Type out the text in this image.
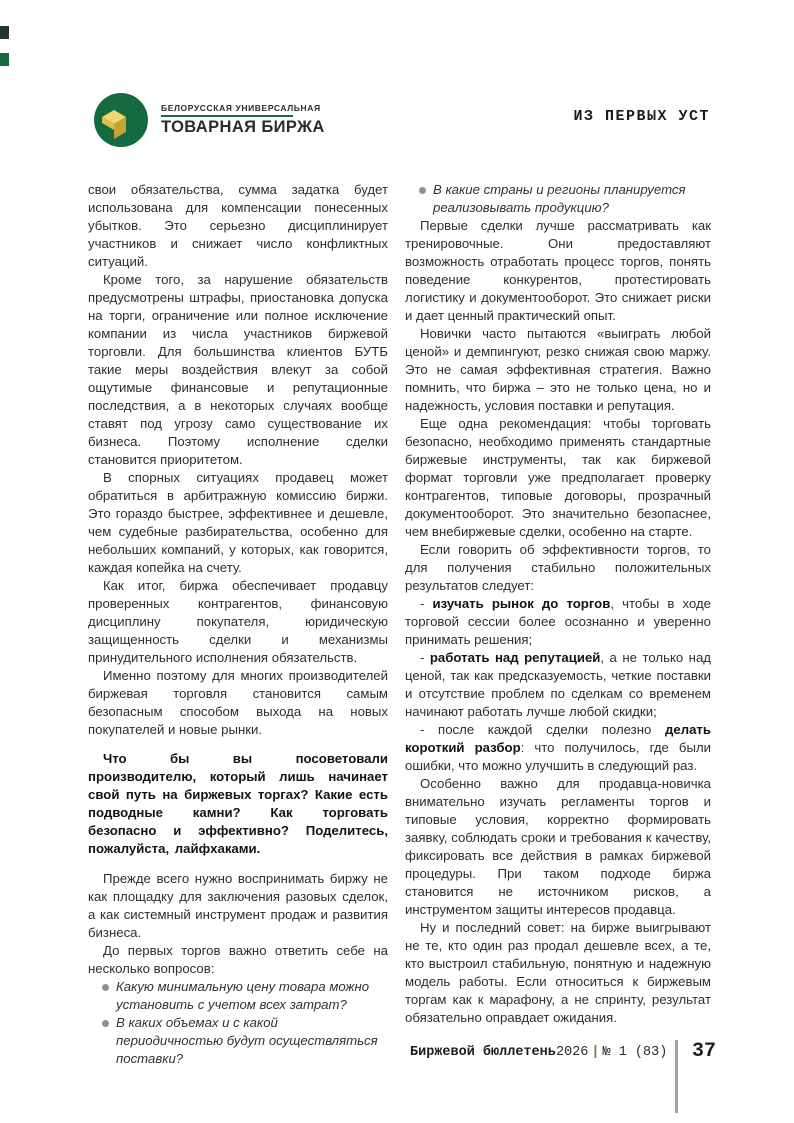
БЕЛОРУССКАЯ УНИВЕРСАЛЬНАЯ
ТОВАРНАЯ БИРЖА
ИЗ ПЕРВЫХ УСТ

свои обязательства, сумма задатка будет использована для компенсации понесенных убытков. Это серьезно дисциплинирует участников и снижает число конфликтных ситуаций.

Кроме того, за нарушение обязательств предусмотрены штрафы, приостановка допуска на торги, ограничение или полное исключение компании из числа участников биржевой торговли. Для большинства клиентов БУТБ такие меры воздействия влекут за собой ощутимые финансовые и репутационные последствия, а в некоторых случаях вообще ставят под угрозу само существование их бизнеса. Поэтому исполнение сделки становится приоритетом.

В спорных ситуациях продавец может обратиться в арбитражную комиссию биржи. Это гораздо быстрее, эффективнее и дешевле, чем судебные разбирательства, особенно для небольших компаний, у которых, как говорится, каждая копейка на счету.

Как итог, биржа обеспечивает продавцу проверенных контрагентов, финансовую дисциплину покупателя, юридическую защищенность сделки и механизмы принудительного исполнения обязательств.

Именно поэтому для многих производителей биржевая торговля становится самым безопасным способом выхода на новых покупателей и новые рынки.

Что бы вы посоветовали производителю, который лишь начинает свой путь на биржевых торгах? Какие есть подводные камни? Как торговать безопасно и эффективно? Поделитесь, пожалуйста, лайфхаками.

Прежде всего нужно воспринимать биржу не как площадку для заключения разовых сделок, а как системный инструмент продаж и развития бизнеса.

До первых торгов важно ответить себе на несколько вопросов:

Какую минимальную цену товара можно установить с учетом всех затрат?

В каких объемах и с какой периодичностью будут осуществляться поставки?

В какие страны и регионы планируется реализовывать продукцию?

Первые сделки лучше рассматривать как тренировочные. Они предоставляют возможность отработать процесс торгов, понять поведение конкурентов, протестировать логистику и документооборот. Это снижает риски и дает ценный практический опыт.

Новички часто пытаются «выиграть любой ценой» и демпингуют, резко снижая свою маржу. Это не самая эффективная стратегия. Важно помнить, что биржа – это не только цена, но и надежность, условия поставки и репутация.

Еще одна рекомендация: чтобы торговать безопасно, необходимо применять стандартные биржевые инструменты, так как биржевой формат торговли уже предполагает проверку контрагентов, типовые договоры, прозрачный документооборот. Это значительно безопаснее, чем внебиржевые сделки, особенно на старте.

Если говорить об эффективности торгов, то для получения стабильно положительных результатов следует:

- изучать рынок до торгов, чтобы в ходе торговой сессии более осознанно и уверенно принимать решения;

- работать над репутацией, а не только над ценой, так как предсказуемость, четкие поставки и отсутствие проблем по сделкам со временем начинают работать лучше любой скидки;

- после каждой сделки полезно делать короткий разбор: что получилось, где были ошибки, что можно улучшить в следующий раз.

Особенно важно для продавца-новичка внимательно изучать регламенты торгов и типовые условия, корректно формировать заявку, соблюдать сроки и требования к качеству, фиксировать все действия в рамках биржевой процедуры. При таком подходе биржа становится не источником рисков, а инструментом защиты интересов продавца.

Ну и последний совет: на бирже выигрывают не те, кто один раз продал дешевле всех, а те, кто выстроил стабильную, понятную и надежную модель работы. Если относиться к биржевым торгам как к марафону, а не спринту, результат обязательно оправдает ожидания.

Биржевой бюллетень 2026 | № 1 (83) 37
